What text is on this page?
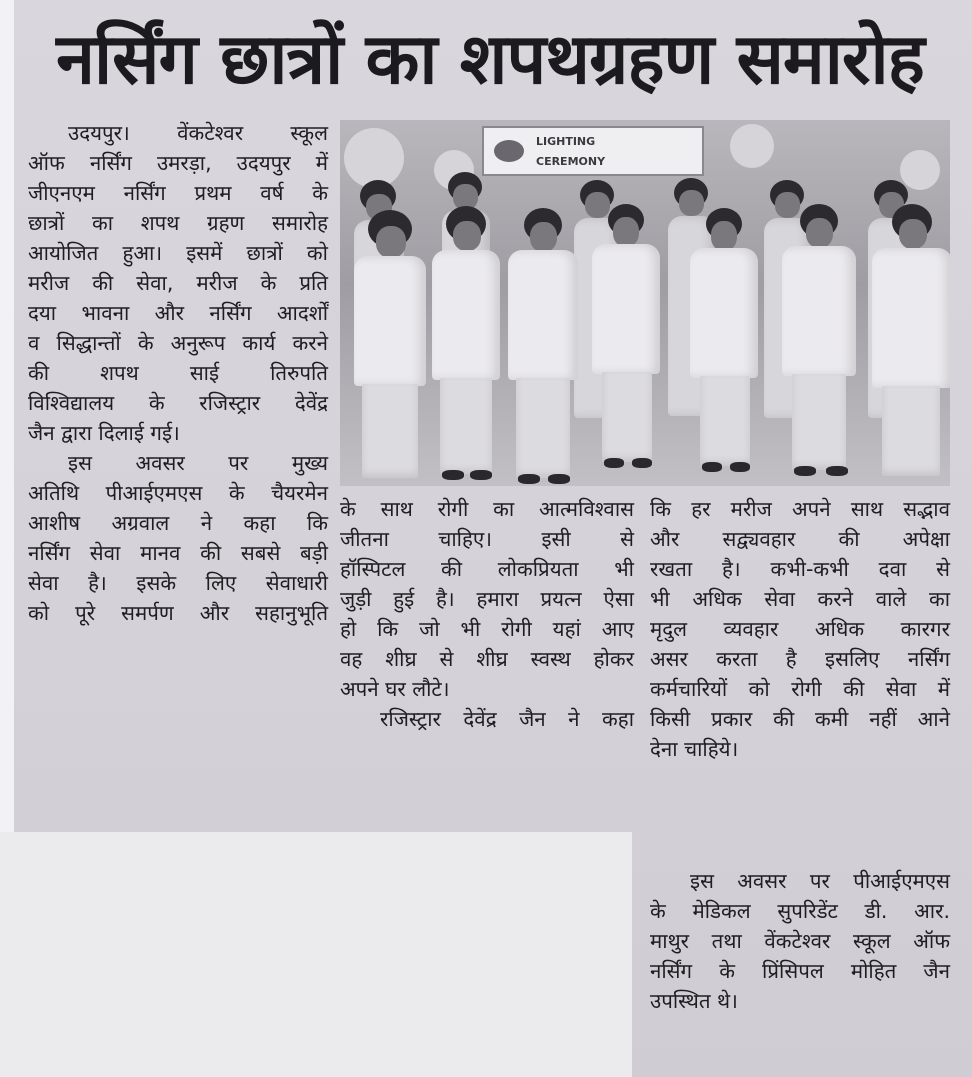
नर्सिंग छात्रों का शपथग्रहण समारोह

उदयपुर। वेंकटेश्वर स्कूल

ऑफ नर्सिंग उमरड़ा, उदयपुर में

जीएनएम नर्सिंग प्रथम वर्ष के

छात्रों का शपथ ग्रहण समारोह

आयोजित हुआ। इसमें छात्रों को

मरीज की सेवा, मरीज के प्रति

दया भावना और नर्सिंग आदर्शों

व सिद्धान्तों के अनुरूप कार्य करने

की शपथ साई तिरुपति

विश्विद्यालय के रजिस्ट्रार देवेंद्र

जैन द्वारा दिलाई गई।

इस अवसर पर मुख्य

अतिथि पीआईएमएस के चैयरमेन

आशीष अग्रवाल ने कहा कि

नर्सिंग सेवा मानव की सबसे बड़ी

सेवा है। इसके लिए सेवाधारी

को पूरे समर्पण और सहानुभूति

LIGHTING
CEREMONY

के साथ रोगी का आत्मविश्वास

जीतना चाहिए। इसी से

हॉस्पिटल की लोकप्रियता भी

जुड़ी हुई है। हमारा प्रयत्न ऐसा

हो कि जो भी रोगी यहां आए

वह शीघ्र से शीघ्र स्वस्थ होकर

अपने घर लौटे।

रजिस्ट्रार देवेंद्र जैन ने कहा

कि हर मरीज अपने साथ सद्भाव

और सद्व्यवहार की अपेक्षा

रखता है। कभी-कभी दवा से

भी अधिक सेवा करने वाले का

मृदुल व्यवहार अधिक कारगर

असर करता है इसलिए नर्सिंग

कर्मचारियों को रोगी की सेवा में

किसी प्रकार की कमी नहीं आने

देना चाहिये।

इस अवसर पर पीआईएमएस

के मेडिकल सुपरिडेंट डी. आर.

माथुर तथा वेंकटेश्वर स्कूल ऑफ

नर्सिंग के प्रिंसिपल मोहित जैन

उपस्थित थे।
